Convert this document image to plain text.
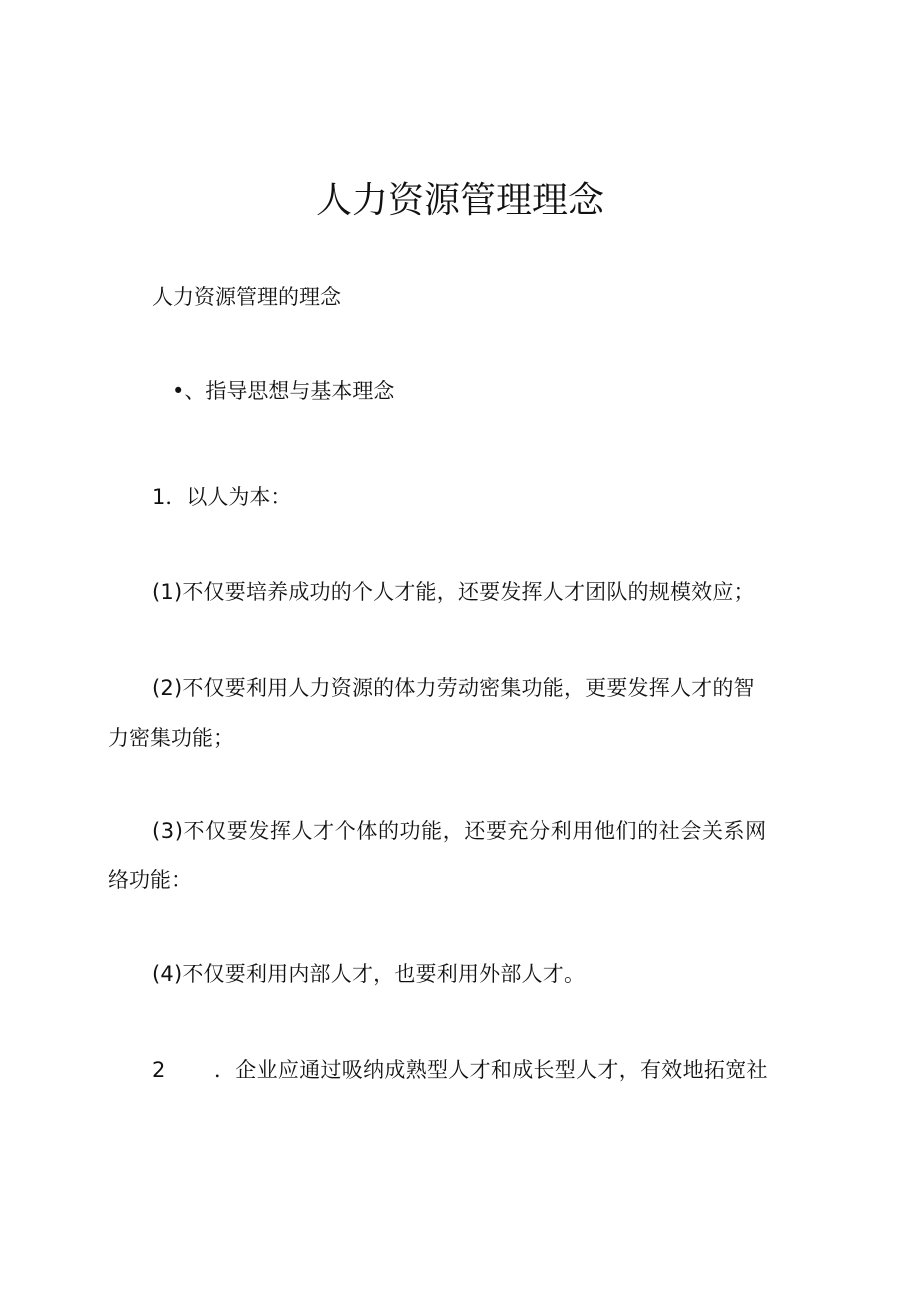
人力资源管理理念
人力资源管理的理念
•、指导思想与基本理念
1．以人为本：
(1)不仅要培养成功的个人才能，还要发挥人才团队的规模效应；
(2)不仅要利用人力资源的体力劳动密集功能，更要发挥人才的智
力密集功能；
(3)不仅要发挥人才个体的功能，还要充分利用他们的社会关系网
络功能：
(4)不仅要利用内部人才，也要利用外部人才。
2 ．企业应通过吸纳成熟型人才和成长型人才，有效地拓宽社
